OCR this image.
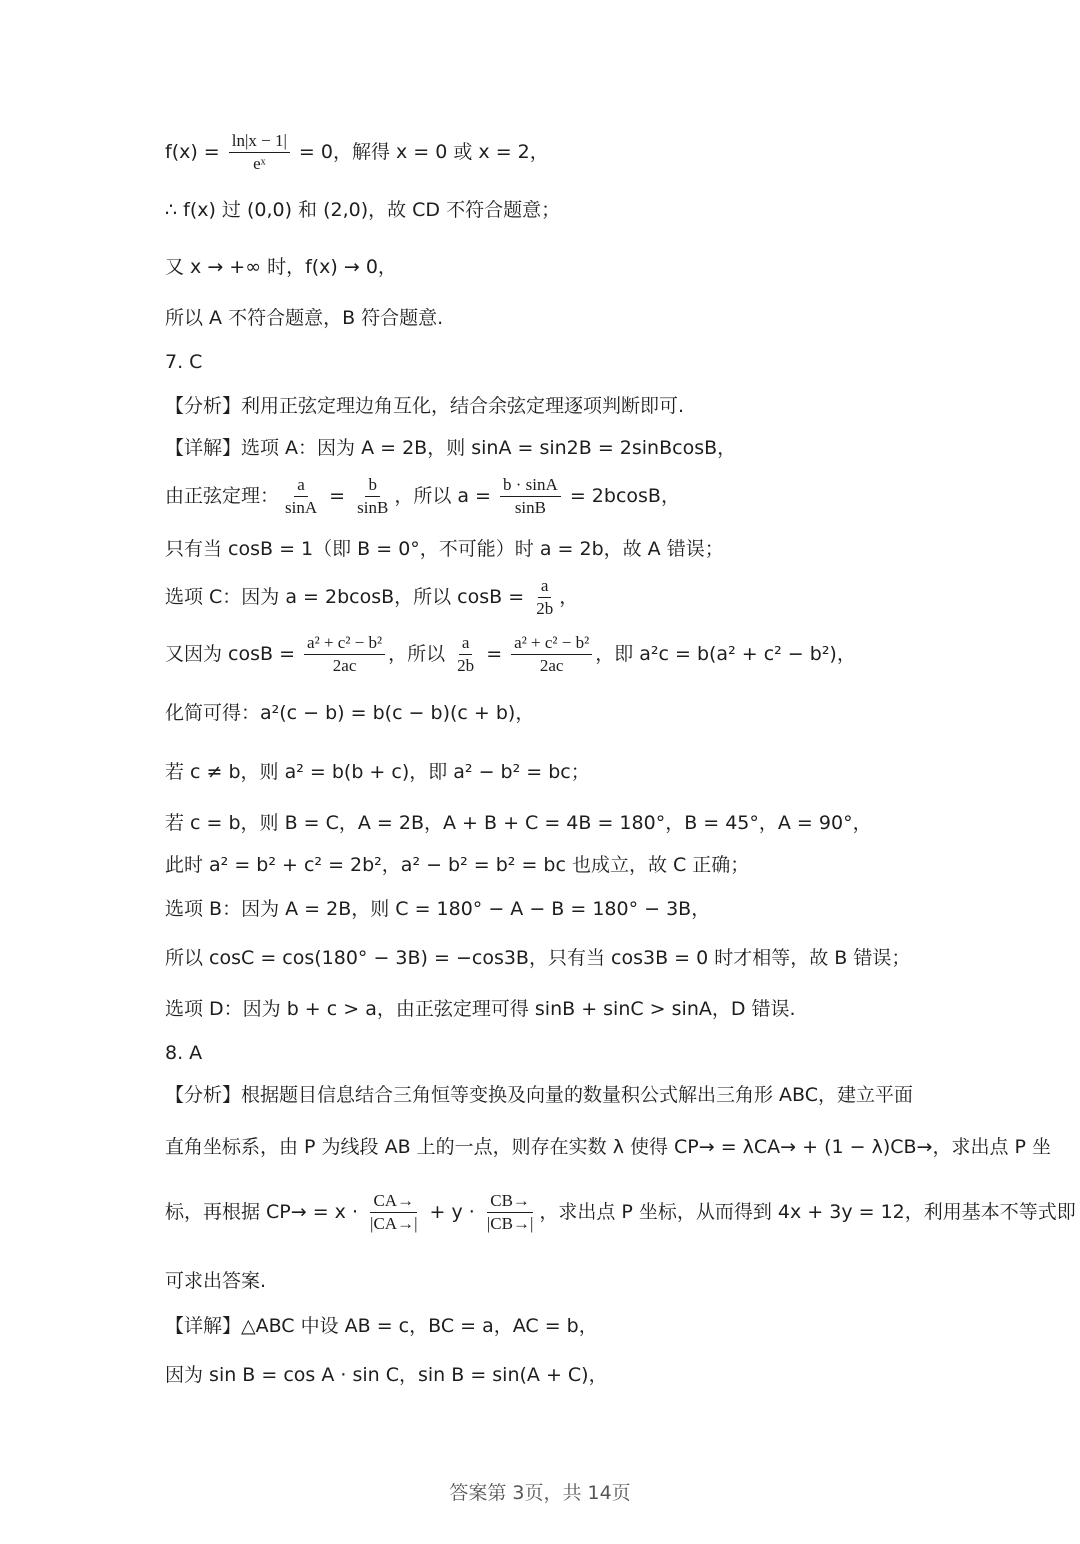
$f(x) = \frac{\ln|x - 1|}{\text{eˣ}} = 0$，解得 x = 0 或 x = 2，
∴ f(x) 过 (0,0) 和 (2,0)，故 CD 不符合题意；
又 x → +∞ 时，f(x) → 0，
所以 A 不符合题意，B 符合题意.
7. C
【分析】利用正弦定理边角互化，结合余弦定理逐项判断即可.
【详解】选项 A：因为 A = 2B，则 sinA = sin2B = 2sinBcosB，
由正弦定理： $\frac{a}{\sin A} = \frac{b}{\sin B}$ ，所以 $a = \frac{b \cdot \sin A}{\sin B} = 2bcosB$，
只有当 cosB = 1（即 B = 0°，不可能）时 a = 2b，故 A 错误；
选项 C：因为 a = 2bcosB，所以 $\cos B = \frac{a}{2b}$ ，
又因为 $\cos B = \frac{\text{a² + c² − b²}}{2ac}$ ，所以 $\frac{a}{2b} = \frac{\text{a² + c² − b²}}{2ac}$ ，即 a²c = b(a² + c² − b²)，
化简可得：a²(c − b) = b(c − b)(c + b)，
若 c ≠ b，则 a² = b(b + c)，即 a² − b² = bc；
若 c = b，则 B = C，A = 2B，A + B + C = 4B = 180°，B = 45°，A = 90°，
此时 a² = b² + c² = 2b²，a² − b² = b² = bc 也成立，故 C 正确；
选项 B：因为 A = 2B，则 C = 180° − A − B = 180° − 3B，
所以 cosC = cos(180° − 3B) = −cos3B，只有当 cos3B = 0 时才相等，故 B 错误；
选项 D：因为 b + c > a，由正弦定理可得 sinB + sinC > sinA，D 错误.
8. A
【分析】根据题目信息结合三角恒等变换及向量的数量积公式解出三角形 ABC，建立平面
直角坐标系，由 P 为线段 AB 上的一点，则存在实数 λ 使得 CP→ = λCA→ + (1 − λ)CB→，求出点 P 坐
标，再根据 $CP\to = x \cdot \frac{CA\to}{|CA\to|} + y \cdot \frac{CB\to}{|CB\to|}$ ，求出点 P 坐标，从而得到 4x + 3y = 12，利用基本不等式即
可求出答案.
【详解】△ABC 中设 AB = c，BC = a，AC = b，
因为 sin B = cos A · sin C，sin B = sin(A + C)，
答案第 3页，共 14页
